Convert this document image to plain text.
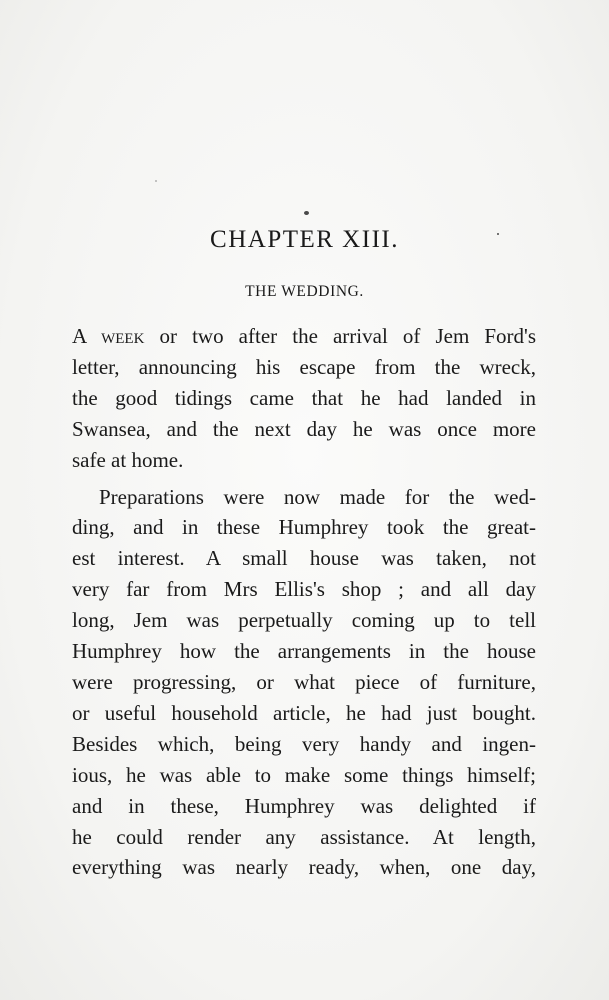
CHAPTER XIII.
THE WEDDING.

A week or two after the arrival of Jem Ford's
letter, announcing his escape from the wreck,
the good tidings came that he had landed in
Swansea, and the next day he was once more
safe at home.

Preparations were now made for the wed-
ding, and in these Humphrey took the great-
est interest. A small house was taken, not
very far from Mrs Ellis's shop ; and all day
long, Jem was perpetually coming up to tell
Humphrey how the arrangements in the house
were progressing, or what piece of furniture,
or useful household article, he had just bought.
Besides which, being very handy and ingen-
ious, he was able to make some things himself;
and in these, Humphrey was delighted if
he could render any assistance. At length,
everything was nearly ready, when, one day,
